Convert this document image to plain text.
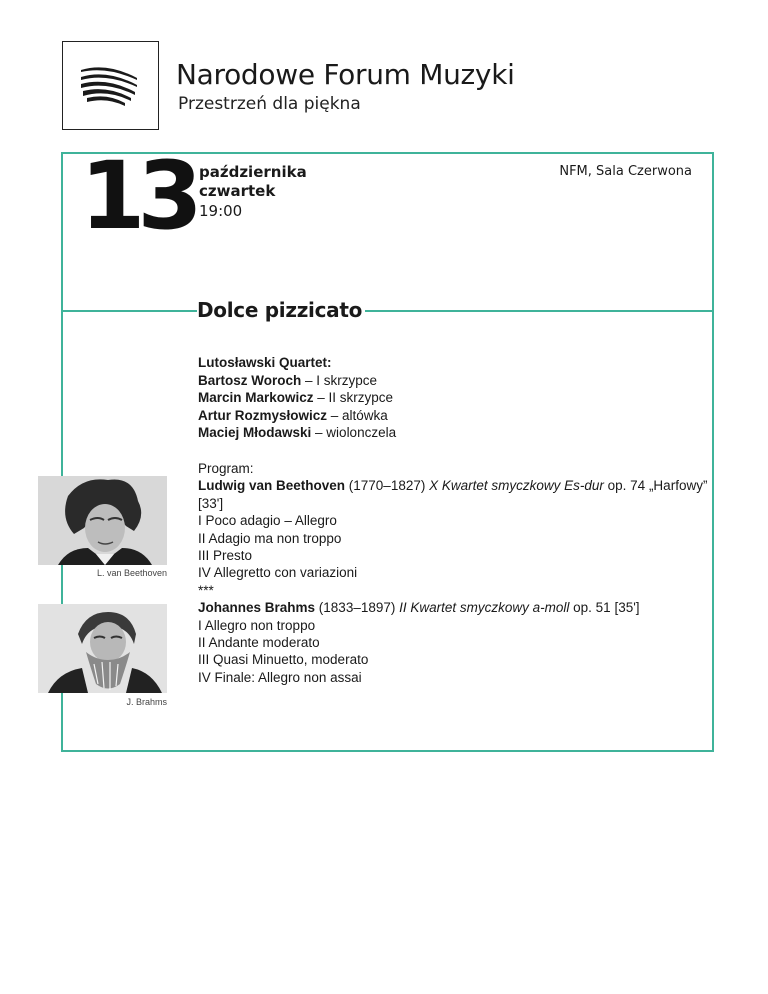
Narodowe Forum Muzyki
Przestrzeń dla piękna
13 października
czwartek
19:00
NFM, Sala Czerwona
Dolce pizzicato
Lutosławski Quartet:
Bartosz Woroch – I skrzypce
Marcin Markowicz – II skrzypce
Artur Rozmysłowicz – altówka
Maciej Młodawski – wiolonczela
Program:
Ludwig van Beethoven (1770–1827) X Kwartet smyczkowy Es-dur op. 74 „Harfowy”
[33']
I Poco adagio – Allegro
II Adagio ma non troppo
III Presto
IV Allegretto con variazioni
***
Johannes Brahms (1833–1897) II Kwartet smyczkowy a-moll op. 51 [35']
I Allegro non troppo
II Andante moderato
III Quasi Minuetto, moderato
IV Finale: Allegro non assai
L. van Beethoven
J. Brahms
